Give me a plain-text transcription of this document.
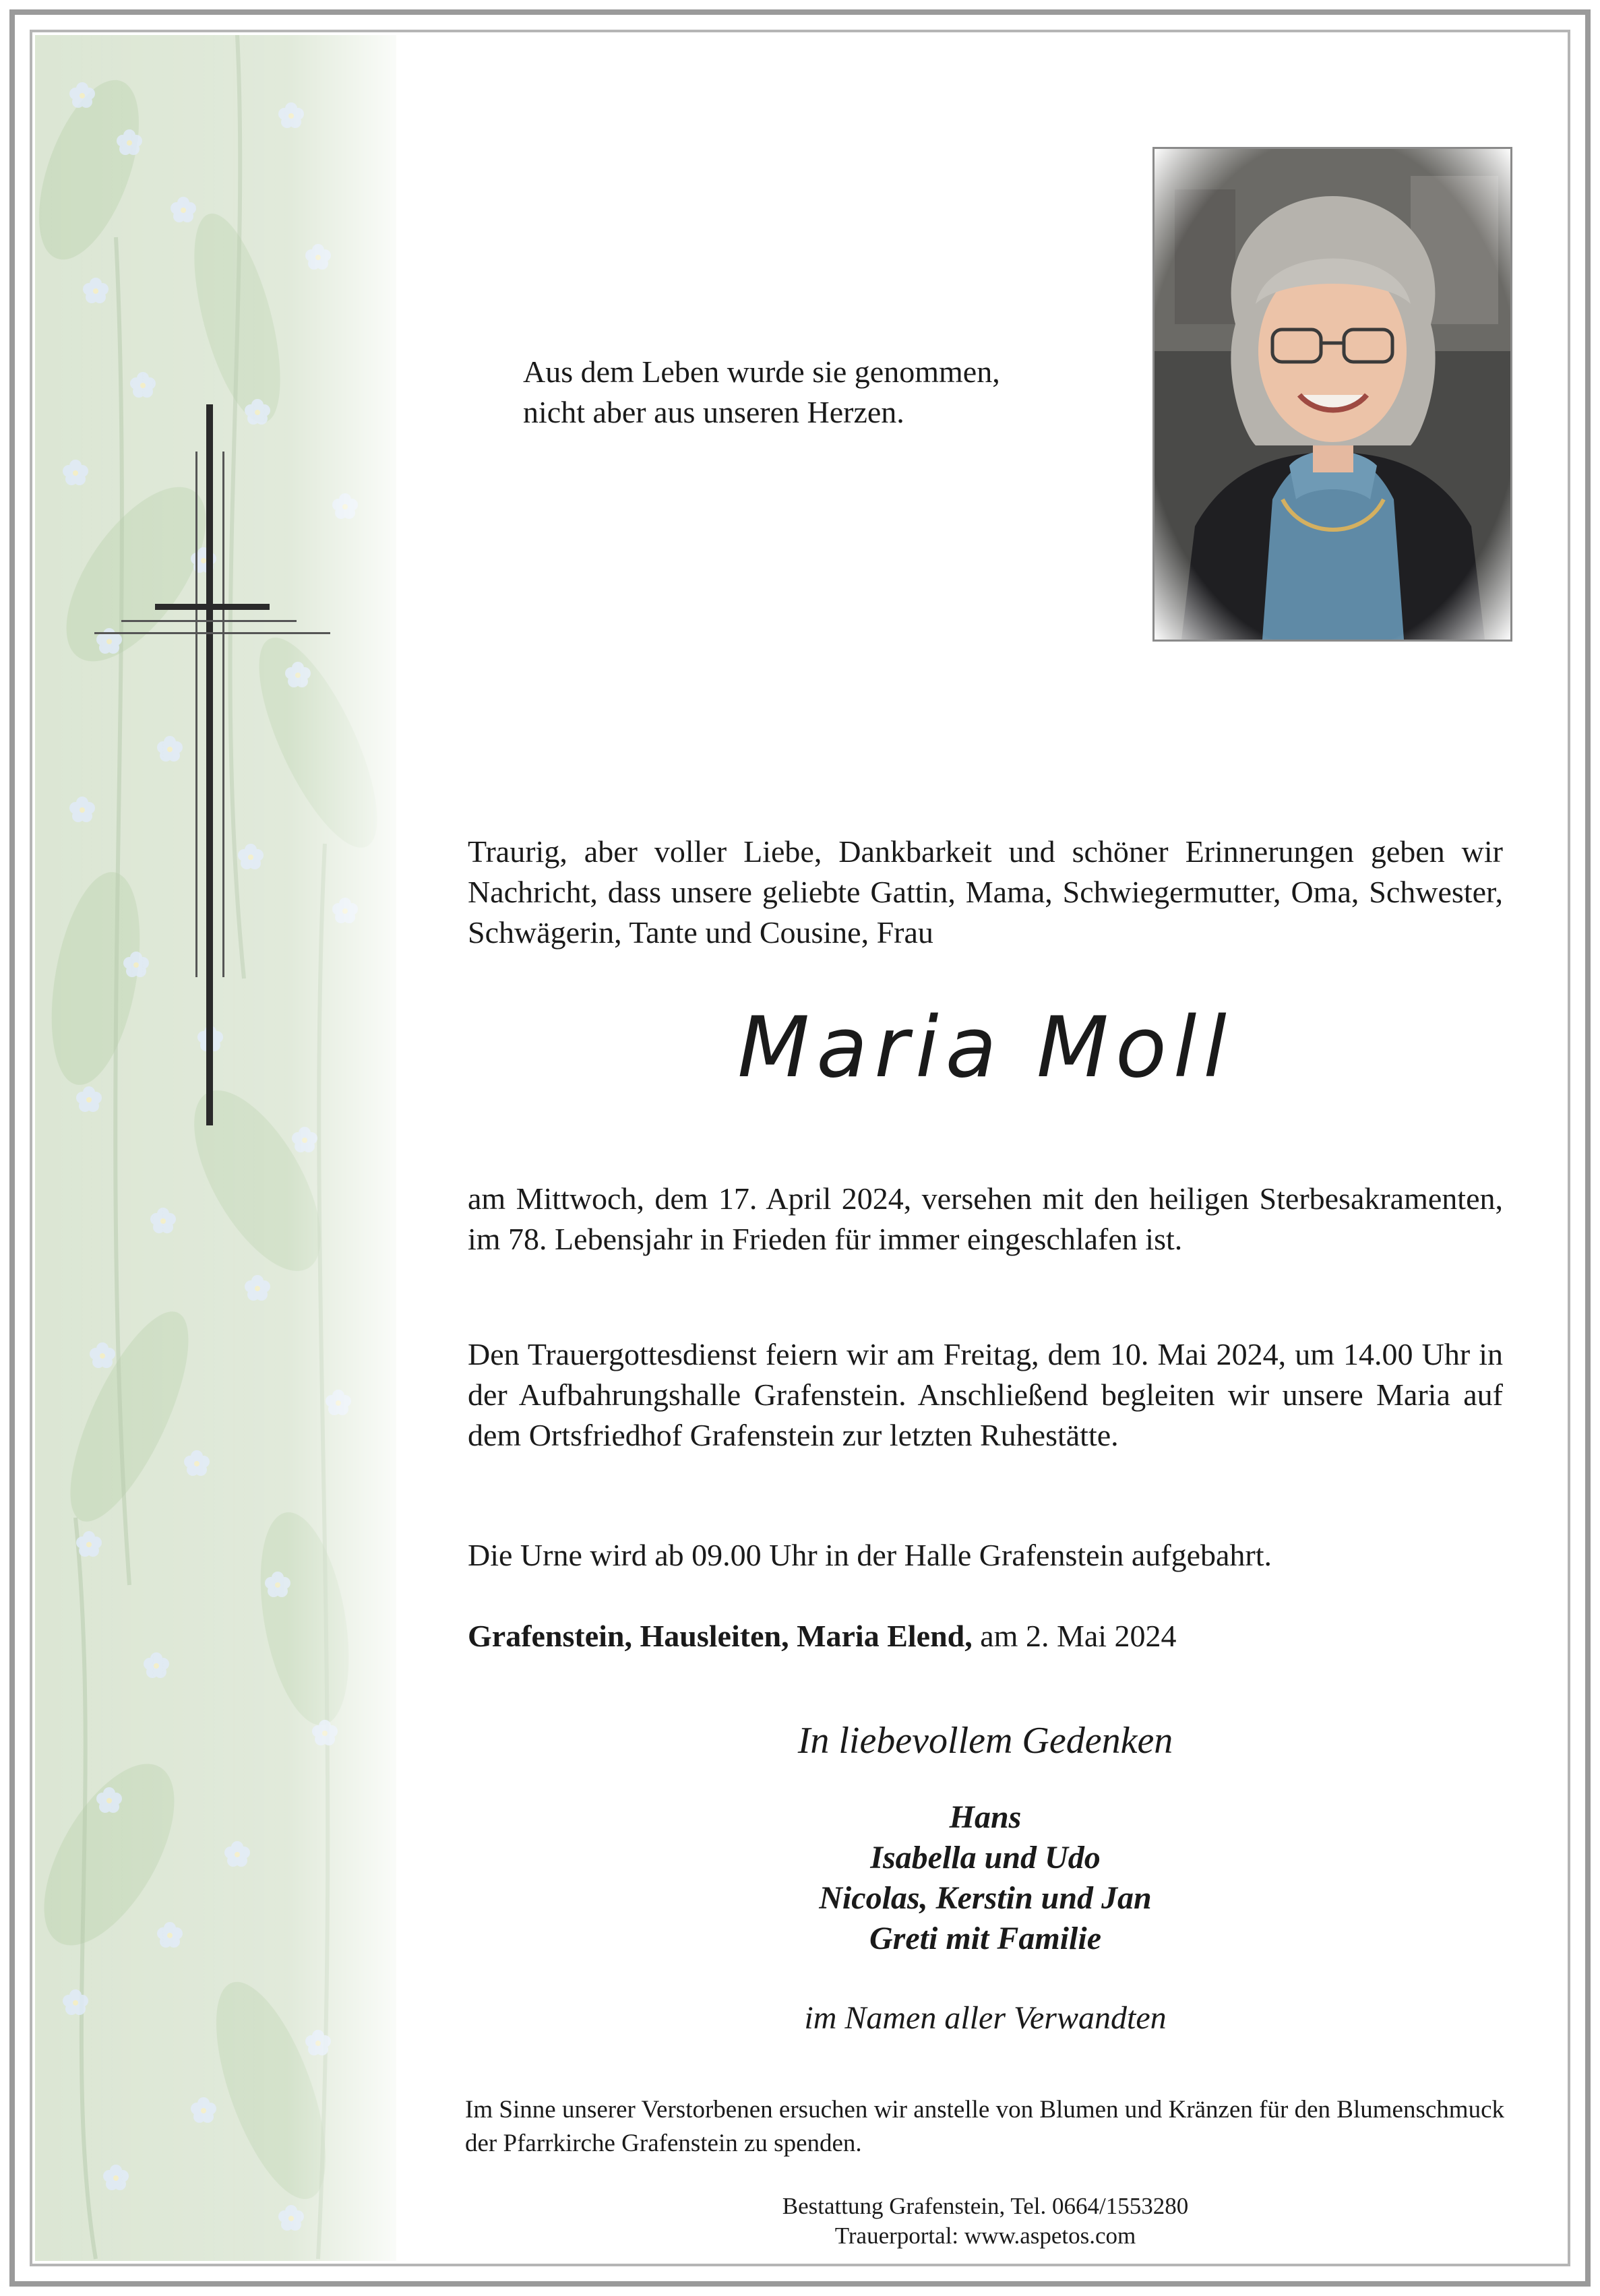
Aus dem Leben wurde sie genommen,

nicht aber aus unseren Herzen.

Traurig, aber voller Liebe, Dankbarkeit und schöner Erinnerungen geben wir Nachricht, dass unsere geliebte Gattin, Mama, Schwiegermutter, Oma, Schwester, Schwägerin, Tante und Cousine, Frau
Maria Moll
am Mittwoch, dem 17. April 2024, versehen mit den heiligen Sterbesakramenten, im 78. Lebensjahr in Frieden für immer eingeschlafen ist.
Den Trauergottesdienst feiern wir am Freitag, dem 10. Mai 2024, um 14.00 Uhr in der Aufbahrungshalle Grafenstein. Anschließend begleiten wir unsere Maria auf dem Ortsfriedhof Grafenstein zur letzten Ruhestätte.
Die Urne wird ab 09.00 Uhr in der Halle Grafenstein aufgebahrt.
Grafenstein, Hausleiten, Maria Elend, am 2. Mai 2024
In liebevollem Gedenken
Hans
Isabella und Udo
Nicolas, Kerstin und Jan
Greti mit Familie
im Namen aller Verwandten
Im Sinne unserer Verstorbenen ersuchen wir anstelle von Blumen und Kränzen für den Blumenschmuck der Pfarrkirche Grafenstein zu spenden.
Bestattung Grafenstein, Tel. 0664/1553280
Trauerportal: www.aspetos.com
